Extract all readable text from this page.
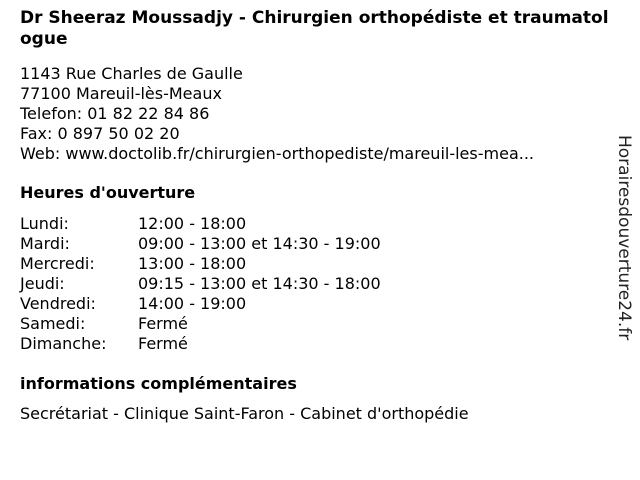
Dr Sheeraz Moussadjy - Chirurgien orthopédiste et traumatologue
1143 Rue Charles de Gaulle
77100 Mareuil-lès-Meaux
Telefon: 01 82 22 84 86
Fax: 0 897 50 02 20
Web: www.doctolib.fr/chirurgien-orthopediste/mareuil-les-mea...
Heures d'ouverture
Lundi:	12:00 - 18:00
Mardi:	09:00 - 13:00 et 14:30 - 19:00
Mercredi:	13:00 - 18:00
Jeudi:	09:15 - 13:00 et 14:30 - 18:00
Vendredi:	14:00 - 19:00
Samedi:	Fermé
Dimanche:	Fermé
informations complémentaires
Secrétariat - Clinique Saint-Faron - Cabinet d'orthopédie
Horairesdouverture24.fr
